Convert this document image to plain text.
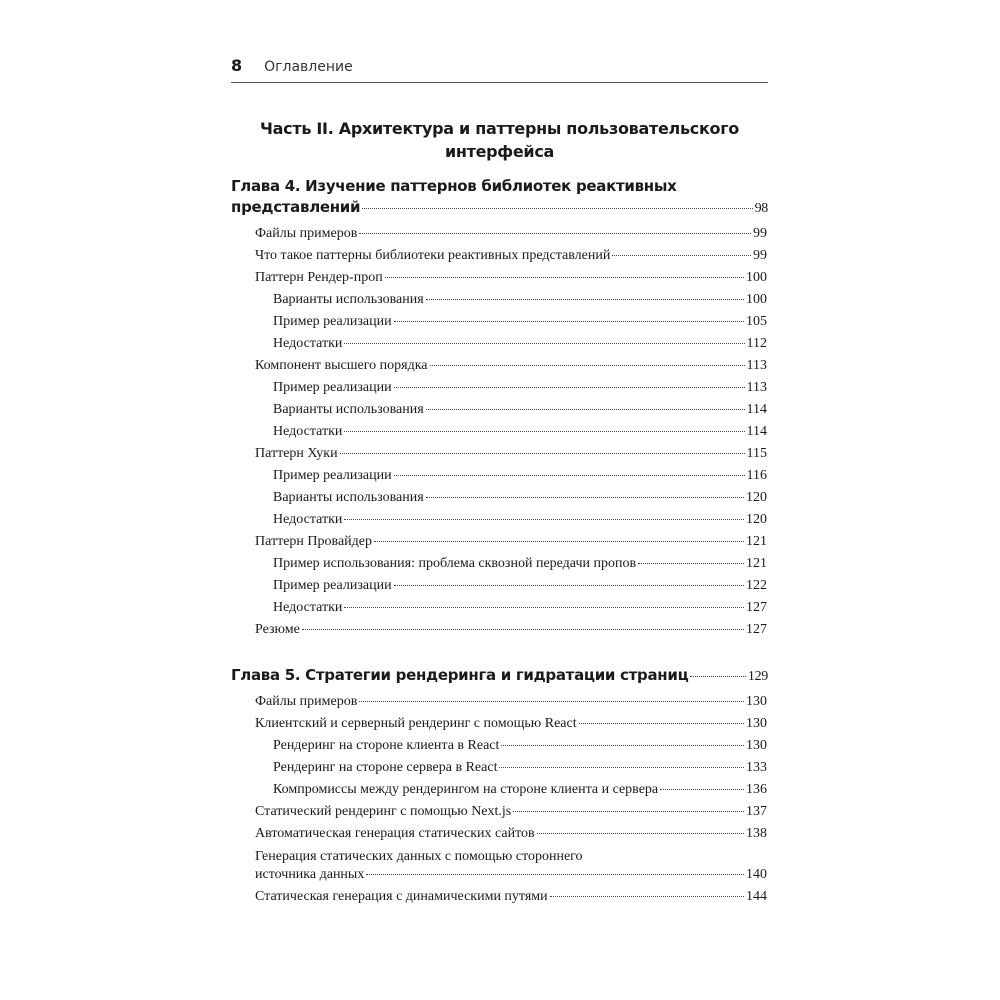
8 Оглавление
Часть II. Архитектура и паттерны пользовательского
интерфейса
Глава 4. Изучение паттернов библиотек реактивных
представлений	98
Файлы примеров	99
Что такое паттерны библиотеки реактивных представлений	99
Паттерн Рендер-проп	100
Варианты использования	100
Пример реализации	105
Недостатки	112
Компонент высшего порядка	113
Пример реализации	113
Варианты использования	114
Недостатки	114
Паттерн Хуки	115
Пример реализации	116
Варианты использования	120
Недостатки	120
Паттерн Провайдер	121
Пример использования: проблема сквозной передачи пропов	121
Пример реализации	122
Недостатки	127
Резюме	127
Глава 5. Стратегии рендеринга и гидратации страниц	129
Файлы примеров	130
Клиентский и серверный рендеринг с помощью React	130
Рендеринг на стороне клиента в React	130
Рендеринг на стороне сервера в React	133
Компромиссы между рендерингом на стороне клиента и сервера	136
Статический рендеринг с помощью Next.js	137
Автоматическая генерация статических сайтов	138
Генерация статических данных с помощью стороннего
источника данных	140
Статическая генерация с динамическими путями	144
